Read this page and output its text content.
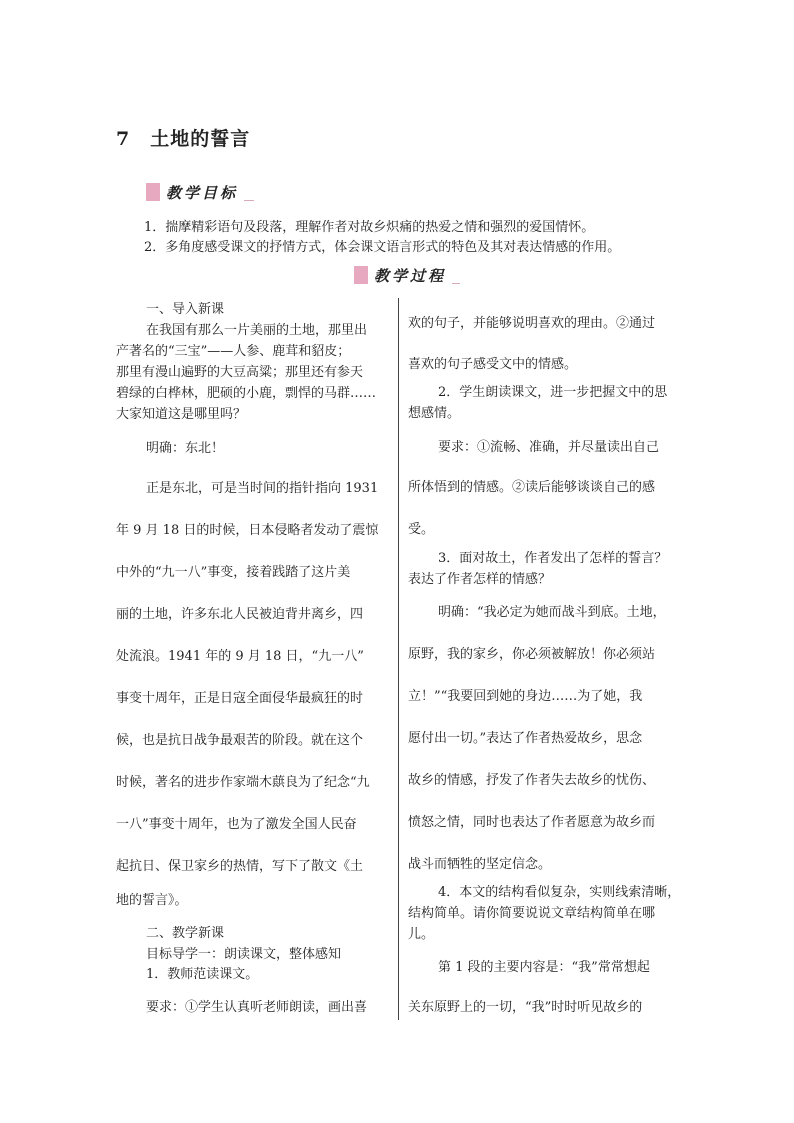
7 土地的誓言
教学目标
1．揣摩精彩语句及段落，理解作者对故乡炽痛的热爱之情和强烈的爱国情怀。
2．多角度感受课文的抒情方式，体会课文语言形式的特色及其对表达情感的作用。
教学过程

一、导入新课

在我国有那么一片美丽的土地，那里出

产著名的“三宝”——人参、鹿茸和貂皮；

那里有漫山遍野的大豆高粱；那里还有参天

碧绿的白桦林，肥硕的小鹿，剽悍的马群……

大家知道这是哪里吗？

明确：东北！

正是东北，可是当时间的指针指向 1931

年 9 月 18 日的时候，日本侵略者发动了震惊

中外的“九一八”事变，接着践踏了这片美

丽的土地，许多东北人民被迫背井离乡，四

处流浪。1941 年的 9 月 18 日，“九一八”

事变十周年，正是日寇全面侵华最疯狂的时

候，也是抗日战争最艰苦的阶段。就在这个

时候，著名的进步作家端木蕻良为了纪念“九

一八”事变十周年，也为了激发全国人民奋

起抗日、保卫家乡的热情，写下了散文《土

地的誓言》。

二、教学新课

目标导学一：朗读课文，整体感知

1．教师范读课文。

要求：①学生认真听老师朗读，画出喜

欢的句子，并能够说明喜欢的理由。②通过

喜欢的句子感受文中的情感。

2．学生朗读课文，进一步把握文中的思

想感情。

要求：①流畅、准确，并尽量读出自己

所体悟到的情感。②读后能够谈谈自己的感

受。

3．面对故土，作者发出了怎样的誓言？

表达了作者怎样的情感？

明确：“我必定为她而战斗到底。土地，

原野，我的家乡，你必须被解放！你必须站

立！”“我要回到她的身边……为了她，我

愿付出一切。”表达了作者热爱故乡，思念

故乡的情感，抒发了作者失去故乡的忧伤、

愤怒之情，同时也表达了作者愿意为故乡而

战斗而牺牲的坚定信念。

4．本文的结构看似复杂，实则线索清晰，

结构简单。请你简要说说文章结构简单在哪

儿。

第 1 段的主要内容是：“我”常常想起

关东原野上的一切，“我”时时听见故乡的
